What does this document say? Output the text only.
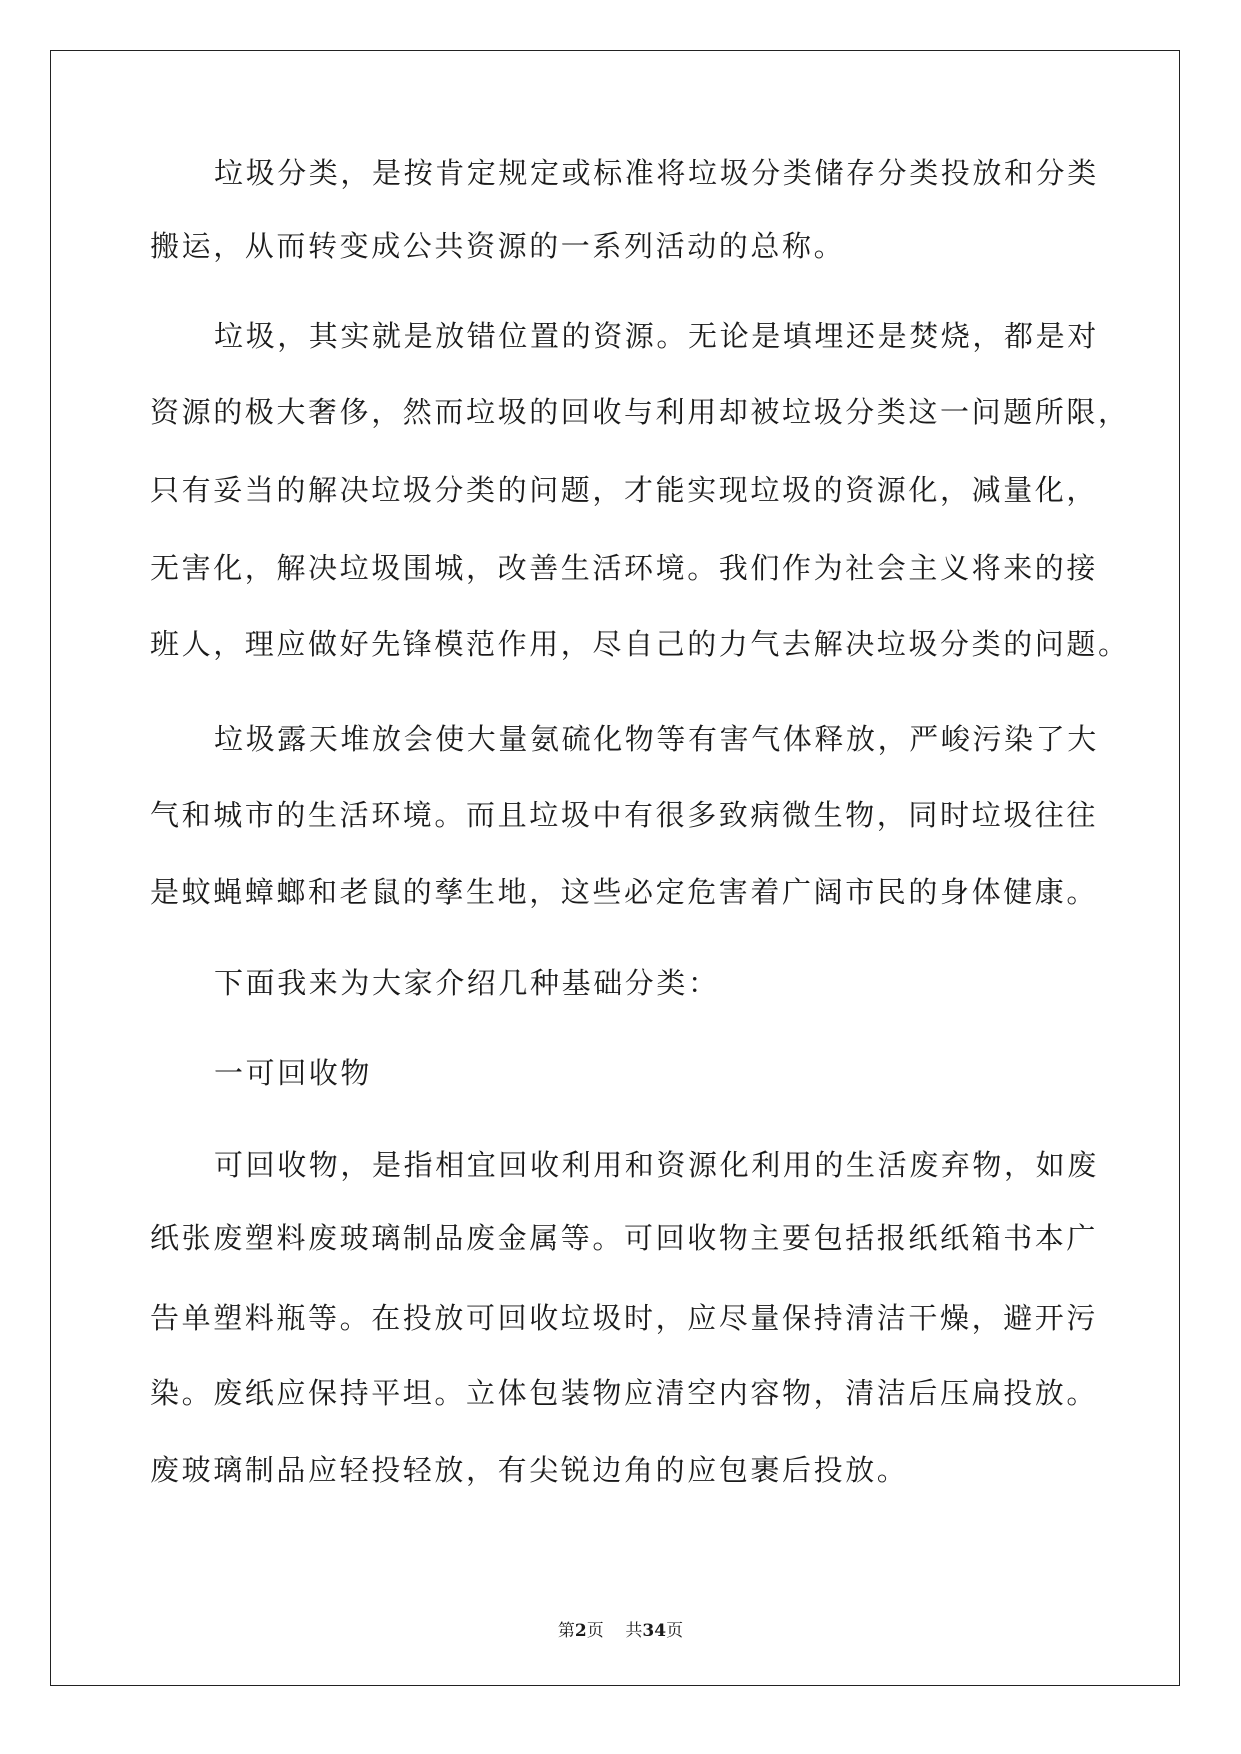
垃圾分类，是按肯定规定或标准将垃圾分类储存分类投放和分类
搬运，从而转变成公共资源的一系列活动的总称。
垃圾，其实就是放错位置的资源。无论是填埋还是焚烧，都是对
资源的极大奢侈，然而垃圾的回收与利用却被垃圾分类这一问题所限，
只有妥当的解决垃圾分类的问题，才能实现垃圾的资源化，减量化，
无害化，解决垃圾围城，改善生活环境。我们作为社会主义将来的接
班人，理应做好先锋模范作用，尽自己的力气去解决垃圾分类的问题。
垃圾露天堆放会使大量氨硫化物等有害气体释放，严峻污染了大
气和城市的生活环境。而且垃圾中有很多致病微生物，同时垃圾往往
是蚊蝇蟑螂和老鼠的孳生地，这些必定危害着广阔市民的身体健康。
下面我来为大家介绍几种基础分类：
一可回收物
可回收物，是指相宜回收利用和资源化利用的生活废弃物，如废
纸张废塑料废玻璃制品废金属等。可回收物主要包括报纸纸箱书本广
告单塑料瓶等。在投放可回收垃圾时，应尽量保持清洁干燥，避开污
染。废纸应保持平坦。立体包装物应清空内容物，清洁后压扁投放。
废玻璃制品应轻投轻放，有尖锐边角的应包裹后投放。
第2页 共34页
